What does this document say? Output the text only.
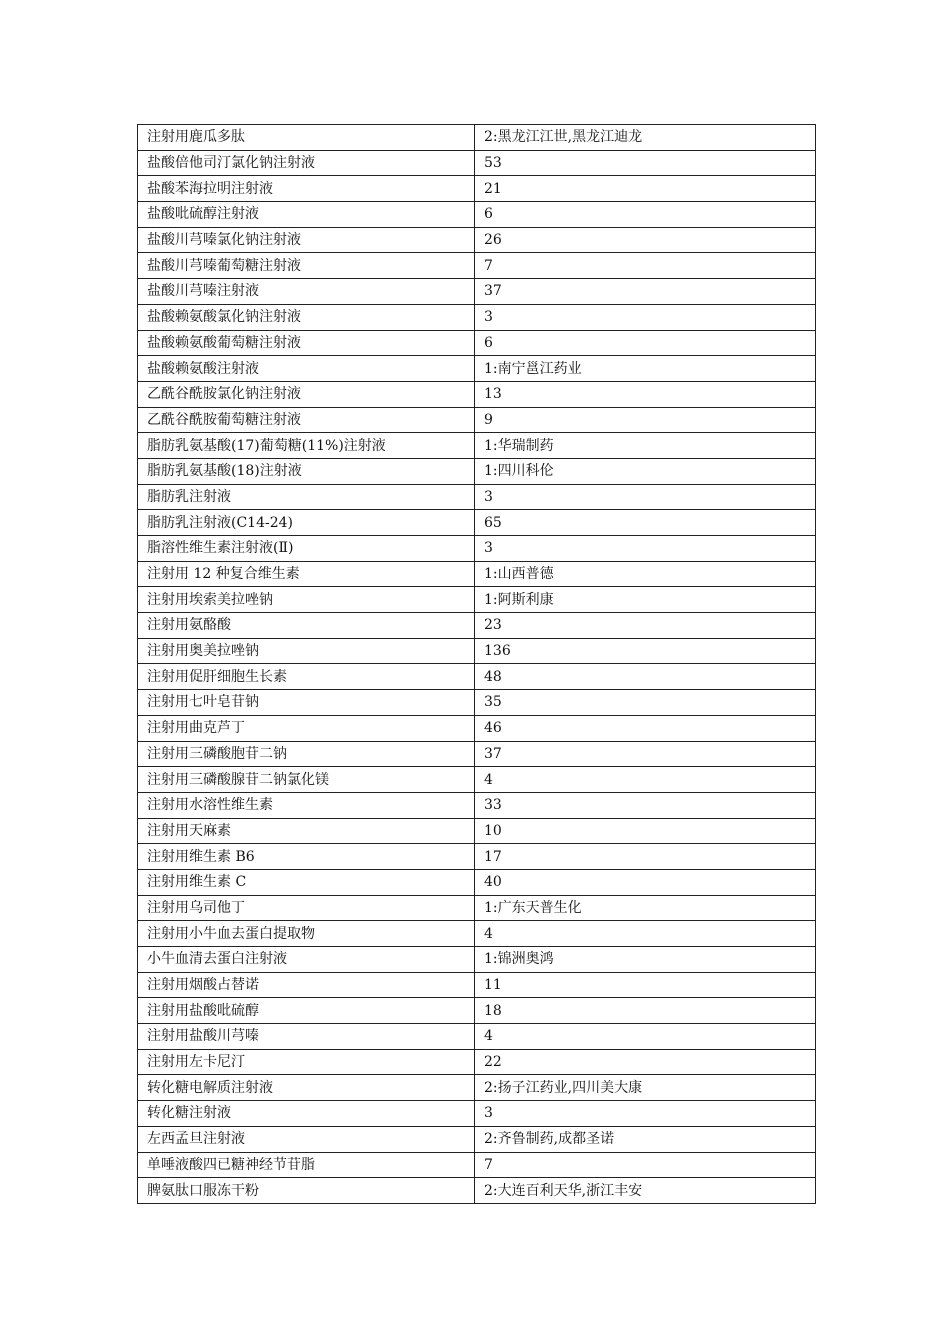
注射用鹿瓜多肽	2:黑龙江江世,黑龙江迪龙
盐酸倍他司汀氯化钠注射液	53
盐酸苯海拉明注射液	21
盐酸吡硫醇注射液	6
盐酸川芎嗪氯化钠注射液	26
盐酸川芎嗪葡萄糖注射液	7
盐酸川芎嗪注射液	37
盐酸赖氨酸氯化钠注射液	3
盐酸赖氨酸葡萄糖注射液	6
盐酸赖氨酸注射液	1:南宁邕江药业
乙酰谷酰胺氯化钠注射液	13
乙酰谷酰胺葡萄糖注射液	9
脂肪乳氨基酸(17)葡萄糖(11%)注射液	1:华瑞制药
脂肪乳氨基酸(18)注射液	1:四川科伦
脂肪乳注射液	3
脂肪乳注射液(C14-24)	65
脂溶性维生素注射液(Ⅱ)	3
注射用 12 种复合维生素	1:山西普德
注射用埃索美拉唑钠	1:阿斯利康
注射用氨酪酸	23
注射用奥美拉唑钠	136
注射用促肝细胞生长素	48
注射用七叶皂苷钠	35
注射用曲克芦丁	46
注射用三磷酸胞苷二钠	37
注射用三磷酸腺苷二钠氯化镁	4
注射用水溶性维生素	33
注射用天麻素	10
注射用维生素 B6	17
注射用维生素 C	40
注射用乌司他丁	1:广东天普生化
注射用小牛血去蛋白提取物	4
小牛血清去蛋白注射液	1:锦洲奥鸿
注射用烟酸占替诺	11
注射用盐酸吡硫醇	18
注射用盐酸川芎嗪	4
注射用左卡尼汀	22
转化糖电解质注射液	2:扬子江药业,四川美大康
转化糖注射液	3
左西孟旦注射液	2:齐鲁制药,成都圣诺
单唾液酸四已糖神经节苷脂	7
脾氨肽口服冻干粉	2:大连百利天华,浙江丰安
